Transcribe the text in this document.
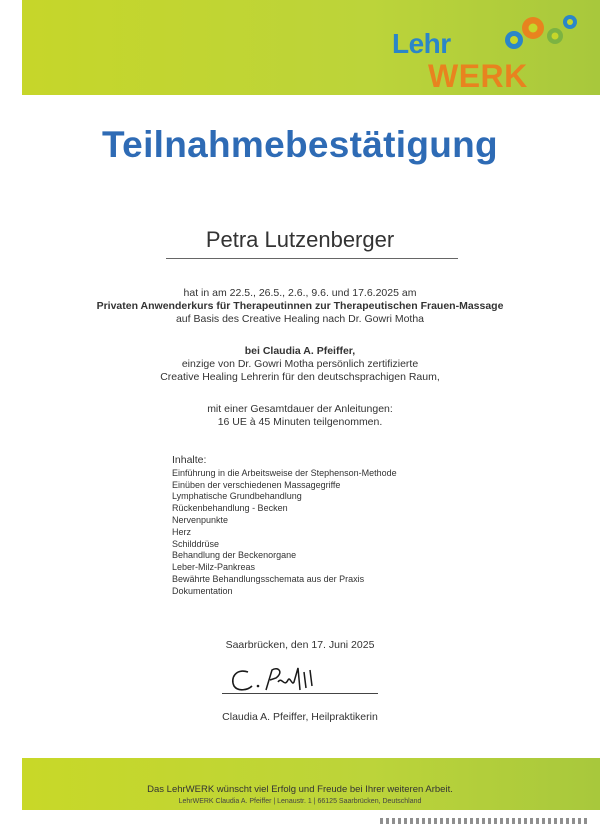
Lehr
WERK
Teilnahmebestätigung
Petra Lutzenberger
hat in am 22.5., 26.5., 2.6., 9.6. und 17.6.2025 am
Privaten Anwenderkurs für Therapeutinnen zur Therapeutischen Frauen-Massage
auf Basis des Creative Healing nach Dr. Gowri Motha
bei Claudia A. Pfeiffer,
einzige von Dr. Gowri Motha persönlich zertifizierte
Creative Healing Lehrerin für den deutschsprachigen Raum,
mit einer Gesamtdauer der Anleitungen:
16 UE à 45 Minuten teilgenommen.
Inhalte:
Einführung in die Arbeitsweise der Stephenson-Methode
Einüben der verschiedenen Massagegriffe
Lymphatische Grundbehandlung
Rückenbehandlung - Becken
Nervenpunkte
Herz
Schilddrüse
Behandlung der Beckenorgane
Leber-Milz-Pankreas
Bewährte Behandlungsschemata aus der Praxis
Dokumentation
Saarbrücken, den 17. Juni 2025
Claudia A. Pfeiffer, Heilpraktikerin
Das LehrWERK wünscht viel Erfolg und Freude bei Ihrer weiteren Arbeit.
LehrWERK Claudia A. Pfeiffer | Lenaustr. 1 | 66125 Saarbrücken, Deutschland
